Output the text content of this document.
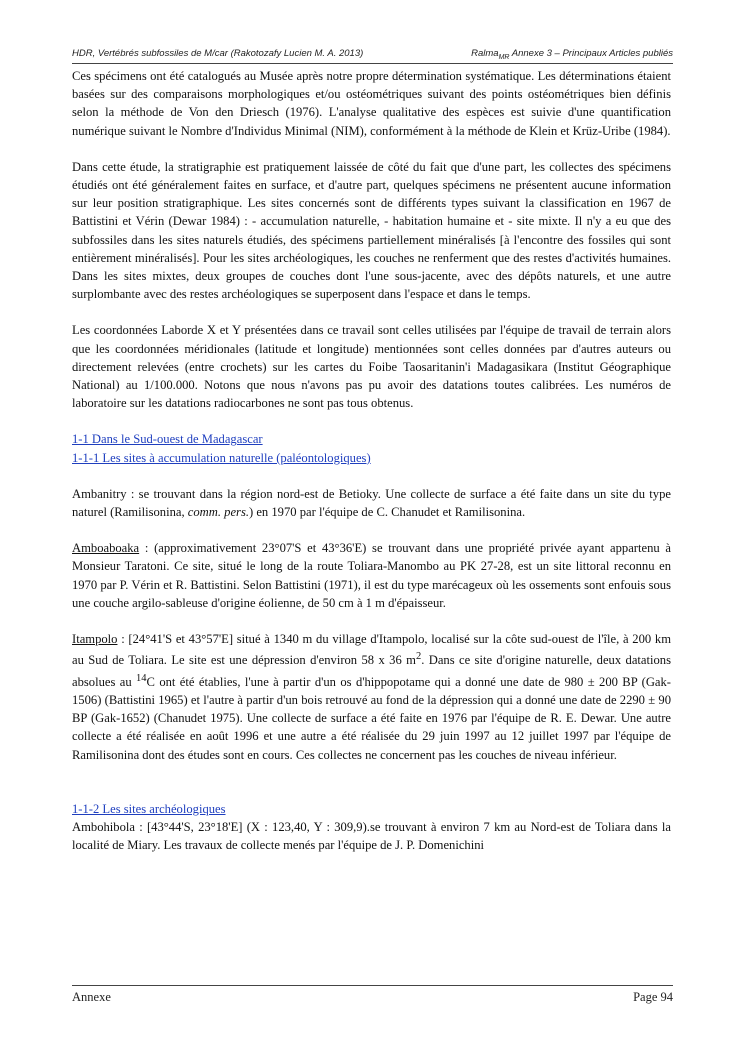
HDR, Vertébrés subfossiles de M/car (Rakotozafy Lucien M. A. 2013)	Ralma$_{MR}$ Annexe 3 – Principaux Articles publiés

Ces spécimens ont été catalogués au Musée après notre propre détermination systématique. Les déterminations étaient basées sur des comparaisons morphologiques et/ou ostéométriques suivant des points ostéométriques bien définis selon la méthode de Von den Driesch (1976). L'analyse qualitative des espèces est suivie d'une quantification numérique suivant le Nombre d'Individus Minimal (NIM), conformément à la méthode de Klein et Krüz-Uribe (1984).

Dans cette étude, la stratigraphie est pratiquement laissée de côté du fait que d'une part, les collectes des spécimens étudiés ont été généralement faites en surface, et d'autre part, quelques spécimens ne présentent aucune information sur leur position stratigraphique. Les sites concernés sont de différents types suivant la classification en 1967 de Battistini et Vérin (Dewar 1984) : - accumulation naturelle, - habitation humaine et - site mixte. Il n'y a eu que des subfossiles dans les sites naturels étudiés, des spécimens partiellement minéralisés [à l'encontre des fossiles qui sont entièrement minéralisés]. Pour les sites archéologiques, les couches ne renferment que des restes d'activités humaines. Dans les sites mixtes, deux groupes de couches dont l'une sous-jacente, avec des dépôts naturels, et une autre surplombante avec des restes archéologiques se superposent dans l'espace et dans le temps.

Les coordonnées Laborde X et Y présentées dans ce travail sont celles utilisées par l'équipe de travail de terrain alors que les coordonnées méridionales (latitude et longitude) mentionnées sont celles données par d'autres auteurs ou directement relevées (entre crochets) sur les cartes du Foibe Taosaritanin'i Madagasikara (Institut Géographique National) au 1/100.000. Notons que nous n'avons pas pu avoir des datations toutes calibrées. Les numéros de laboratoire sur les datations radiocarbones ne sont pas tous obtenus.

1-1 Dans le Sud-ouest de Madagascar

1-1-1 Les sites à accumulation naturelle (paléontologiques)

Ambanitry : se trouvant dans la région nord-est de Betioky. Une collecte de surface a été faite dans un site du type naturel (Ramilisonina, comm. pers.) en 1970 par l'équipe de C. Chanudet et Ramilisonina.

Amboaboaka : (approximativement 23°07'S et 43°36'E) se trouvant dans une propriété privée ayant appartenu à Monsieur Taratoni. Ce site, situé le long de la route Toliara-Manombo au PK 27-28, est un site littoral reconnu en 1970 par P. Vérin et R. Battistini. Selon Battistini (1971), il est du type marécageux où les ossements sont enfouis sous une couche argilo-sableuse d'origine éolienne, de 50 cm à 1 m d'épaisseur.

Itampolo : [24°41'S et 43°57'E] situé à 1340 m du village d'Itampolo, localisé sur la côte sud-ouest de l'île, à 200 km au Sud de Toliara. Le site est une dépression d'environ 58 x 36 $m^2$. Dans ce site d'origine naturelle, deux datations absolues au $^{14}$C ont été établies, l'une à partir d'un os d'hippopotame qui a donné une date de 980 ± 200 BP (Gak-1506) (Battistini 1965) et l'autre à partir d'un bois retrouvé au fond de la dépression qui a donné une date de 2290 ± 90 BP (Gak-1652) (Chanudet 1975). Une collecte de surface a été faite en 1976 par l'équipe de R. E. Dewar. Une autre collecte a été réalisée en août 1996 et une autre a été réalisée du 29 juin 1997 au 12 juillet 1997 par l'équipe de Ramilisonina dont des études sont en cours. Ces collectes ne concernent pas les couches de niveau inférieur.

1-1-2 Les sites archéologiques

Ambohibola : [43°44'S, 23°18'E] (X : 123,40, Y : 309,9).se trouvant à environ 7 km au Nord-est de Toliara dans la localité de Miary. Les travaux de collecte menés par l'équipe de J. P. Domenichini

Annexe	Page 94
